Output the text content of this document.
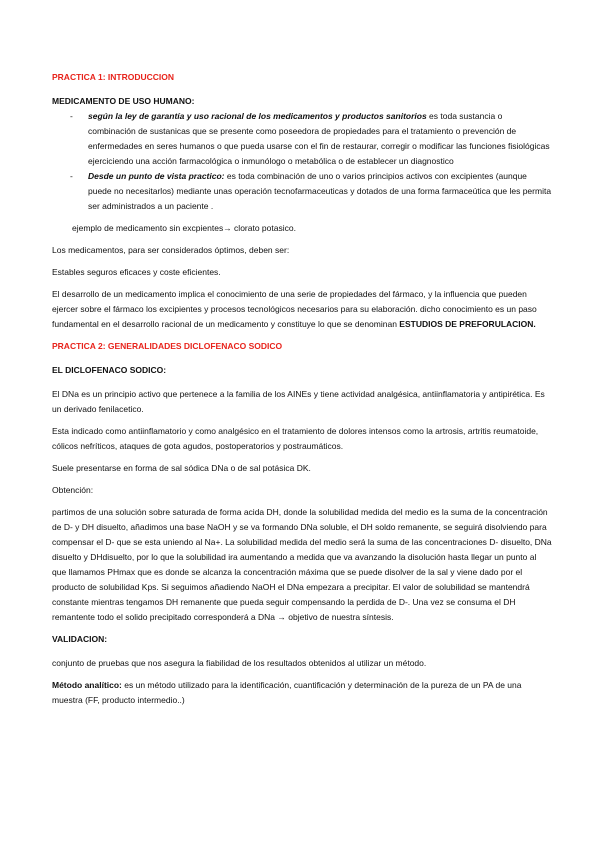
PRACTICA 1: INTRODUCCION

MEDICAMENTO DE USO HUMANO:

- según la ley de garantía y uso racional de los medicamentos y productos sanitorios es toda sustancia o combinación de sustanicas que se presente como poseedora de propiedades para el tratamiento o prevención de enfermedades en seres humanos o que pueda usarse con el fin de restaurar, corregir o modificar las funciones fisiológicas ejerciciendo una acción farmacológica o inmunólogo o metabólica o de establecer un diagnostico
- Desde un punto de vista practico: es toda combinación de uno o varios principios activos con excipientes (aunque puede no necesitarlos) mediante unas operación tecnofarmaceuticas y dotados de una forma farmaceútica que les permita ser administrados a un paciente .

ejemplo de medicamento sin excpientes→ clorato potasico.

Los medicamentos, para ser considerados óptimos, deben ser:

Estables seguros eficaces y coste eficientes.

El desarrollo de un medicamento implica el conocimiento de una serie de propiedades del fármaco, y la influencia que pueden ejercer sobre el fármaco los excipientes y procesos tecnológicos necesarios para su elaboración. dicho conocimiento es un paso fundamental en el desarrollo racional de un medicamento y constituye lo que se denominan ESTUDIOS DE PREFORULACION.

PRACTICA 2: GENERALIDADES DICLOFENACO SODICO

EL DICLOFENACO SODICO:

El DNa es un principio activo que pertenece a la familia de los AINEs y tiene actividad analgésica, antiinflamatoria y antipirética. Es un derivado fenilacetico.

Esta indicado como antiinflamatorio y como analgésico en el tratamiento de dolores intensos como la artrosis, artritis reumatoide, cólicos nefríticos, ataques de gota agudos, postoperatorios y postraumáticos.

Suele presentarse en forma de sal sódica DNa o de sal potásica DK.

Obtención:

partimos de una solución sobre saturada de forma acida DH, donde la solubilidad medida del medio es la suma de la concentración de D- y DH disuelto, añadimos una base NaOH y se va formando DNa soluble, el DH soldo remanente, se seguirá disolviendo para compensar el D- que se esta uniendo al Na+. La solubilidad medida del medio será la suma de las concentraciones D- disuelto, DNa disuelto y DHdisuelto, por lo que la solubilidad ira aumentando a medida que va avanzando la disolución hasta llegar un punto al que llamamos PHmax que es donde se alcanza la concentración máxima que se puede disolver de la sal y viene dado por el producto de solubilidad Kps. Si seguimos añadiendo NaOH el DNa empezara a precipitar. El valor de solubilidad se mantendrá constante mientras tengamos DH remanente que pueda seguir compensando la perdida de D-. Una vez se consuma el DH remantente todo el solido precipitado corresponderá a DNa → objetivo de nuestra síntesis.

VALIDACION:

conjunto de pruebas que nos asegura la fiabilidad de los resultados obtenidos al utilizar un método.

Método analítico: es un método utilizado para la identificación, cuantificación y determinación de la pureza de un PA de una muestra (FF, producto intermedio..)
